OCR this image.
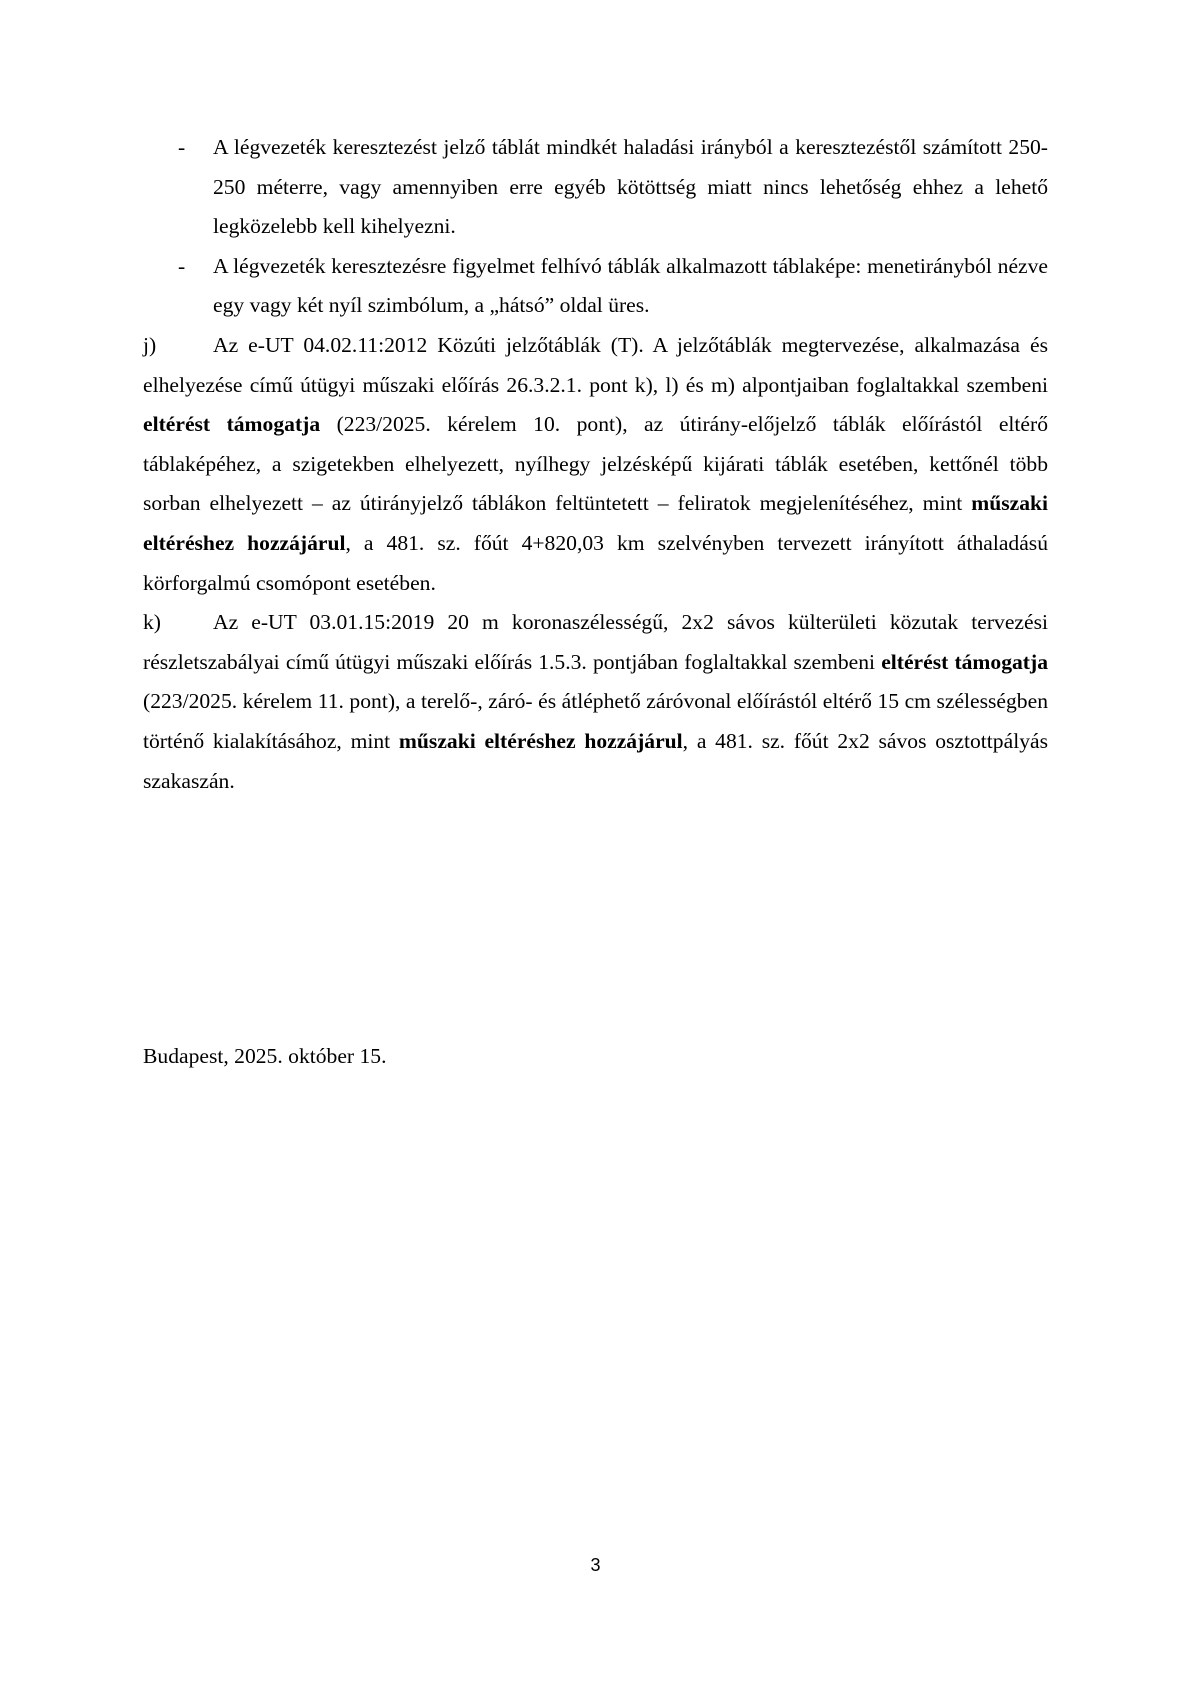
- A légvezeték keresztezést jelző táblát mindkét haladási irányból a keresztezéstől számított 250-250 méterre, vagy amennyiben erre egyéb kötöttség miatt nincs lehetőség ehhez a lehető legközelebb kell kihelyezni.
- A légvezeték keresztezésre figyelmet felhívó táblák alkalmazott táblaképe: menetirányból nézve egy vagy két nyíl szimbólum, a „hátsó” oldal üres.
j)	Az e-UT 04.02.11:2012 Közúti jelzőtáblák (T). A jelzőtáblák megtervezése, alkalmazása és elhelyezése című útügyi műszaki előírás 26.3.2.1. pont k), l) és m) alpontjaiban foglaltakkal szembeni eltérést támogatja (223/2025. kérelem 10. pont), az útirány-előjelző táblák előírástól eltérő táblaképéhez, a szigetekben elhelyezett, nyílhegy jelzésképű kijárati táblák esetében, kettőnél több sorban elhelyezett – az útirányjelző táblákon feltüntetett – feliratok megjelenítéséhez, mint műszaki eltéréshez hozzájárul, a 481. sz. főút 4+820,03 km szelvényben tervezett irányított áthaladású körforgalmú csomópont esetében.
k) Az e-UT 03.01.15:2019 20 m koronaszélességű, 2x2 sávos külterületi közutak tervezési részletszabályai című útügyi műszaki előírás 1.5.3. pontjában foglaltakkal szembeni eltérést támogatja (223/2025. kérelem 11. pont), a terelő-, záró- és átléphető záróvonal előírástól eltérő 15 cm szélességben történő kialakításához, mint műszaki eltéréshez hozzájárul, a 481. sz. főút 2x2 sávos osztottpályás szakaszán.
Budapest, 2025. október 15.
3
